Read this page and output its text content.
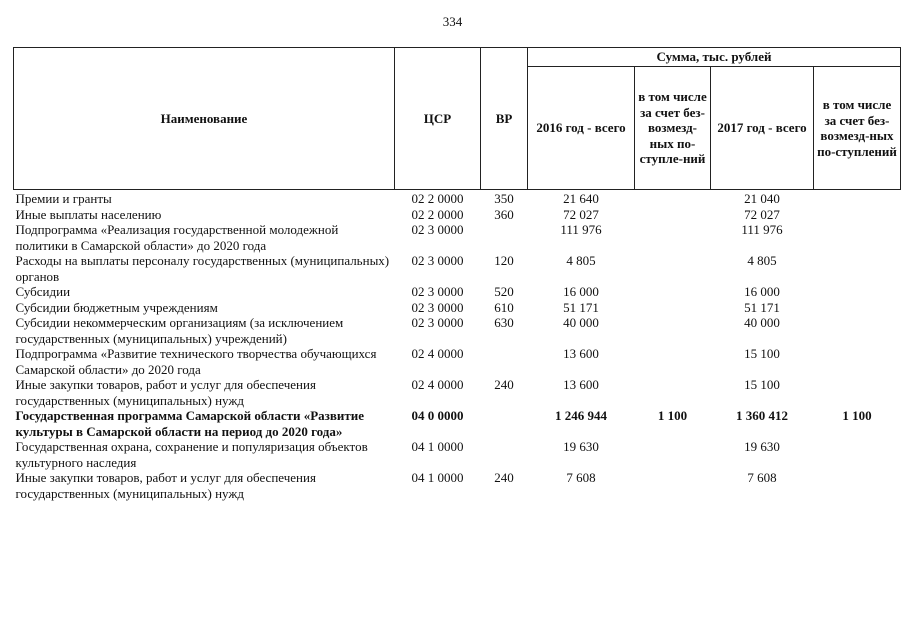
334
Наименование	ЦСР	ВР	Сумма, тыс. рублей			
			2016 год - всего	в том числе за счет без-возмезд-ных по-ступле-ний	2017 год - всего	в том числе за счет без-возмезд-ных по-ступлений
Премии и гранты	02 2 0000	350	21 640		21 040	
Иные выплаты населению	02 2 0000	360	72 027		72 027	
Подпрограмма «Реализация государственной молодежной политики в Самарской области» до 2020 года	02 3 0000		111 976		111 976	
Расходы на выплаты персоналу государственных (муниципальных) органов	02 3 0000	120	4 805		4 805	
Субсидии	02 3 0000	520	16 000		16 000	
Субсидии бюджетным учреждениям	02 3 0000	610	51 171		51 171	
Субсидии некоммерческим организациям (за исключением государственных (муниципальных) учреждений)	02 3 0000	630	40 000		40 000	
Подпрограмма «Развитие технического творчества обучающихся Самарской области» до 2020 года	02 4 0000		13 600		15 100	
Иные закупки товаров, работ и услуг для обеспечения государственных (муниципальных) нужд	02 4 0000	240	13 600		15 100	
Государственная программа Самарской области «Развитие культуры в Самарской области на период до 2020 года»	04 0 0000		1 246 944	1 100	1 360 412	1 100
Государственная охрана, сохранение и популяризация объектов культурного наследия	04 1 0000		19 630		19 630	
Иные закупки товаров, работ и услуг для обеспечения государственных (муниципальных) нужд	04 1 0000	240	7 608		7 608	
